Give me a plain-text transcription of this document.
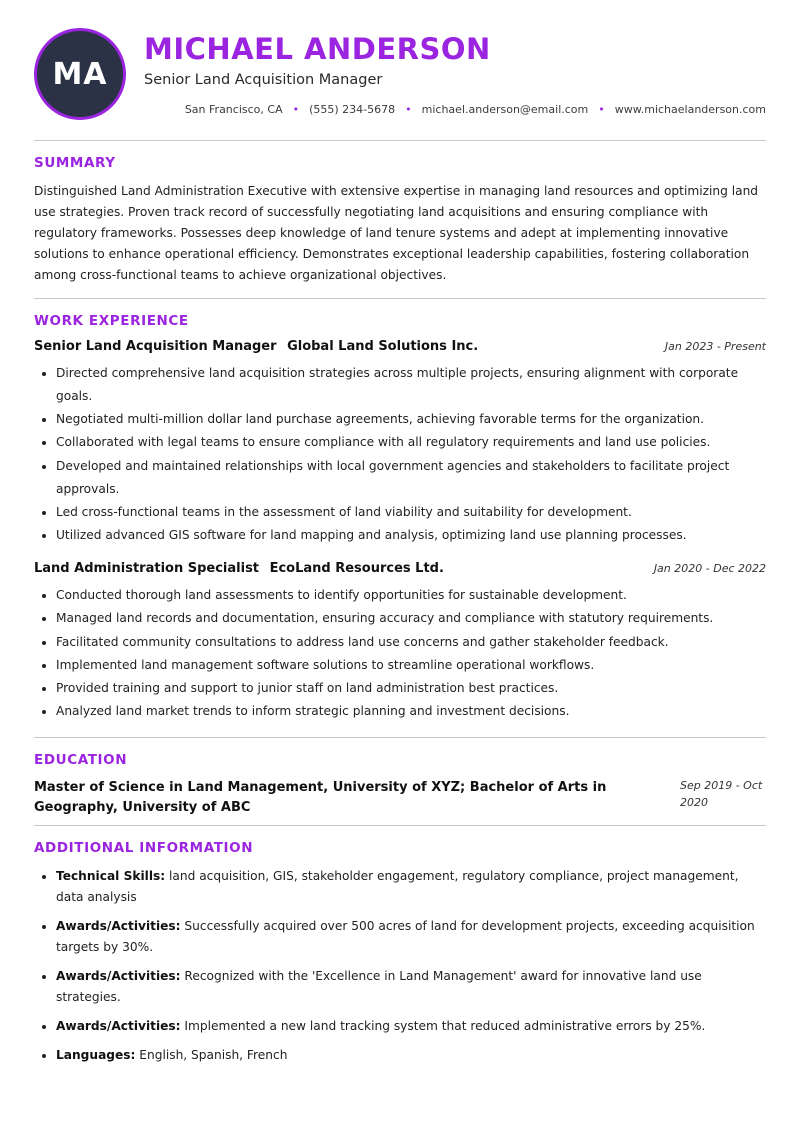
MA
MICHAEL ANDERSON
Senior Land Acquisition Manager
San Francisco, CA • (555) 234-5678 • michael.anderson@email.com • www.michaelanderson.com
SUMMARY

Distinguished Land Administration Executive with extensive expertise in managing land resources and optimizing land use strategies. Proven track record of successfully negotiating land acquisitions and ensuring compliance with regulatory frameworks. Possesses deep knowledge of land tenure systems and adept at implementing innovative solutions to enhance operational efficiency. Demonstrates exceptional leadership capabilities, fostering collaboration among cross-functional teams to achieve organizational objectives.

WORK EXPERIENCE
Senior Land Acquisition Manager Global Land Solutions Inc.	Jan 2023 - Present
• Directed comprehensive land acquisition strategies across multiple projects, ensuring alignment with corporate goals.
• Negotiated multi-million dollar land purchase agreements, achieving favorable terms for the organization.
• Collaborated with legal teams to ensure compliance with all regulatory requirements and land use policies.
• Developed and maintained relationships with local government agencies and stakeholders to facilitate project approvals.
• Led cross-functional teams in the assessment of land viability and suitability for development.
• Utilized advanced GIS software for land mapping and analysis, optimizing land use planning processes.
Land Administration Specialist EcoLand Resources Ltd.	Jan 2020 - Dec 2022
• Conducted thorough land assessments to identify opportunities for sustainable development.
• Managed land records and documentation, ensuring accuracy and compliance with statutory requirements.
• Facilitated community consultations to address land use concerns and gather stakeholder feedback.
• Implemented land management software solutions to streamline operational workflows.
• Provided training and support to junior staff on land administration best practices.
• Analyzed land market trends to inform strategic planning and investment decisions.
EDUCATION
Master of Science in Land Management, University of XYZ; Bachelor of Arts in Geography, University of ABC
Sep 2019 - Oct 2020
ADDITIONAL INFORMATION
• Technical Skills: land acquisition, GIS, stakeholder engagement, regulatory compliance, project management, data analysis
• Awards/Activities: Successfully acquired over 500 acres of land for development projects, exceeding acquisition targets by 30%.
• Awards/Activities: Recognized with the 'Excellence in Land Management' award for innovative land use strategies.
• Awards/Activities: Implemented a new land tracking system that reduced administrative errors by 25%.
• Languages: English, Spanish, French
